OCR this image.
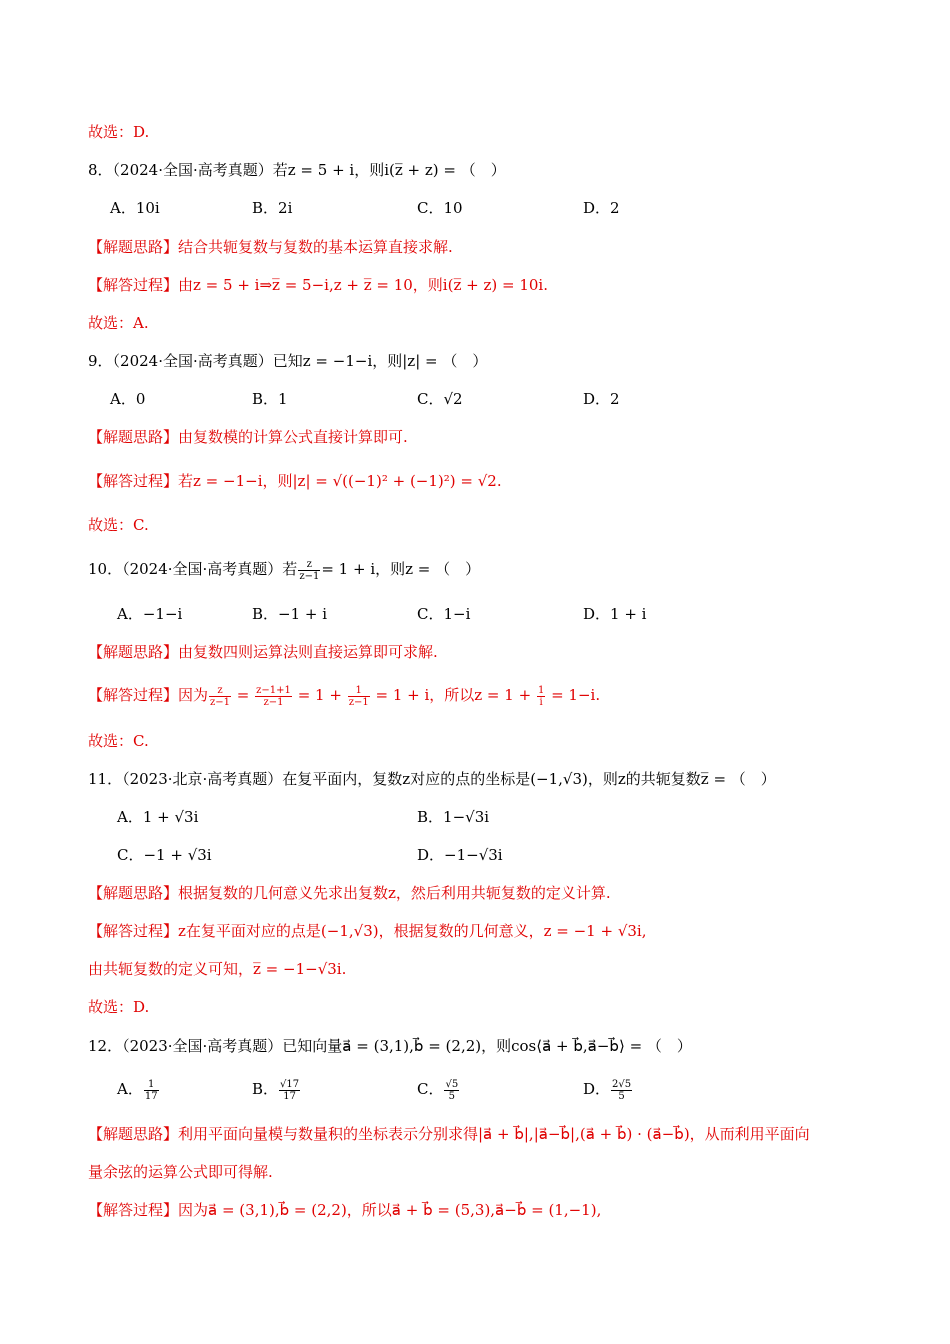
故选：D.
8．（2024·全国·高考真题）若z = 5 + i，则i(z̅ + z) = （　）
A．10i	B．2i	C．10	D．2
【解题思路】结合共轭复数与复数的基本运算直接求解.
【解答过程】由z = 5 + i⇒z̅ = 5−i,z + z̅ = 10，则i(z̅ + z) = 10i.
故选：A.
9．（2024·全国·高考真题）已知z = −1−i，则|z| = （　）
A．0	B．1	C．√2	D．2
【解题思路】由复数模的计算公式直接计算即可.
【解答过程】若z = −1−i，则|z| = √((−1)² + (−1)²) = √2.
故选：C.
10．（2024·全国·高考真题）若 $\frac{z}{z-1} = 1 + i$，则z = （　）
A．−1−i	B．−1 + i	C．1−i	D．1 + i
【解题思路】由复数四则运算法则直接运算即可求解.
【解答过程】因为 $\frac{z}{z-1} = \frac{z-1+1}{z-1} = 1 + \frac{1}{z-1} = 1 + i$，所以$z = 1 + \frac{1}{i} = 1-i$.
故选：C.
11．（2023·北京·高考真题）在复平面内，复数z对应的点的坐标是(−1,√3)，则z的共轭复数z̅ = （　）
A．1 + √3i	B．1−√3i
C．−1 + √3i	D．−1−√3i
【解题思路】根据复数的几何意义先求出复数z，然后利用共轭复数的定义计算.
【解答过程】z在复平面对应的点是(−1,√3)，根据复数的几何意义，z = −1 + √3i,
由共轭复数的定义可知，z̅ = −1−√3i.
故选：D.
12．（2023·全国·高考真题）已知向量a⃗ = (3,1),b⃗ = (2,2)，则cos⟨a⃗ + b⃗,a⃗−b⃗⟩ = （　）
A． $\frac{1}{17}$	B． $\frac{√17}{17}$	C． $\frac{√5}{5}$	D． $\frac{2√5}{5}$
【解题思路】利用平面向量模与数量积的坐标表示分别求得|a⃗ + b⃗|,|a⃗−b⃗|,(a⃗ + b⃗) · (a⃗−b⃗)，从而利用平面向
量余弦的运算公式即可得解.
【解答过程】因为a⃗ = (3,1),b⃗ = (2,2)，所以a⃗ + b⃗ = (5,3),a⃗−b⃗ = (1,−1),
